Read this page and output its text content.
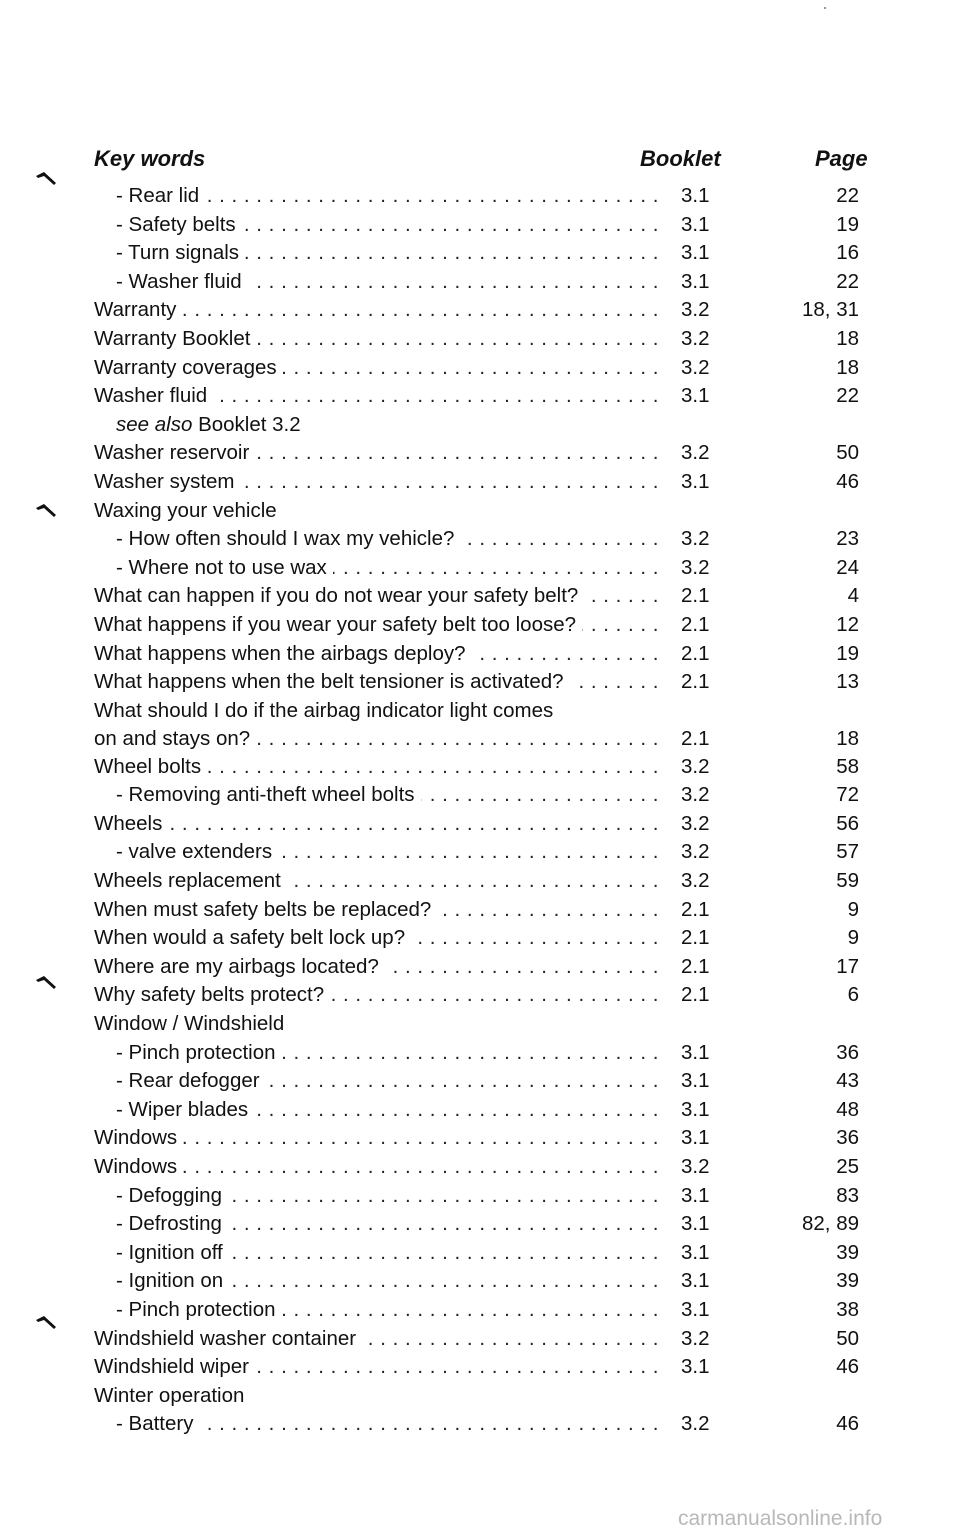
Key words	Booklet	Page
- Rear lid . . .	3.1	22
- Safety belts . . .	3.1	19
- Turn signals . . .	3.1	16
- Washer fluid . . .	3.1	22
Warranty . . .	3.2	18, 31
Warranty Booklet . . .	3.2	18
Warranty coverages . . .	3.2	18
Washer fluid . . .	3.1	22
see also Booklet 3.2
Washer reservoir . . .	3.2	50
Washer system . . .	3.1	46
Waxing your vehicle
- How often should I wax my vehicle? . . .	3.2	23
- Where not to use wax . . .	3.2	24
What can happen if you do not wear your safety belt? . . .	2.1	4
What happens if you wear your safety belt too loose? . . .	2.1	12
What happens when the airbags deploy? . . .	2.1	19
What happens when the belt tensioner is activated? . . .	2.1	13
What should I do if the airbag indicator light comes
on and stays on? . . .	2.1	18
Wheel bolts . . .	3.2	58
- Removing anti-theft wheel bolts . . .	3.2	72
Wheels . . .	3.2	56
- valve extenders . . .	3.2	57
Wheels replacement . . .	3.2	59
When must safety belts be replaced? . . .	2.1	9
When would a safety belt lock up? . . .	2.1	9
Where are my airbags located? . . .	2.1	17
Why safety belts protect? . . .	2.1	6
Window / Windshield
- Pinch protection . . .	3.1	36
- Rear defogger . . .	3.1	43
- Wiper blades . . .	3.1	48
Windows . . .	3.1	36
Windows . . .	3.2	25
- Defogging . . .	3.1	83
- Defrosting . . .	3.1	82, 89
- Ignition off . . .	3.1	39
- Ignition on . . .	3.1	39
- Pinch protection . . .	3.1	38
Windshield washer container . . .	3.2	50
Windshield wiper . . .	3.1	46
Winter operation
- Battery . . .	3.2	46
carmanualsonline.info
